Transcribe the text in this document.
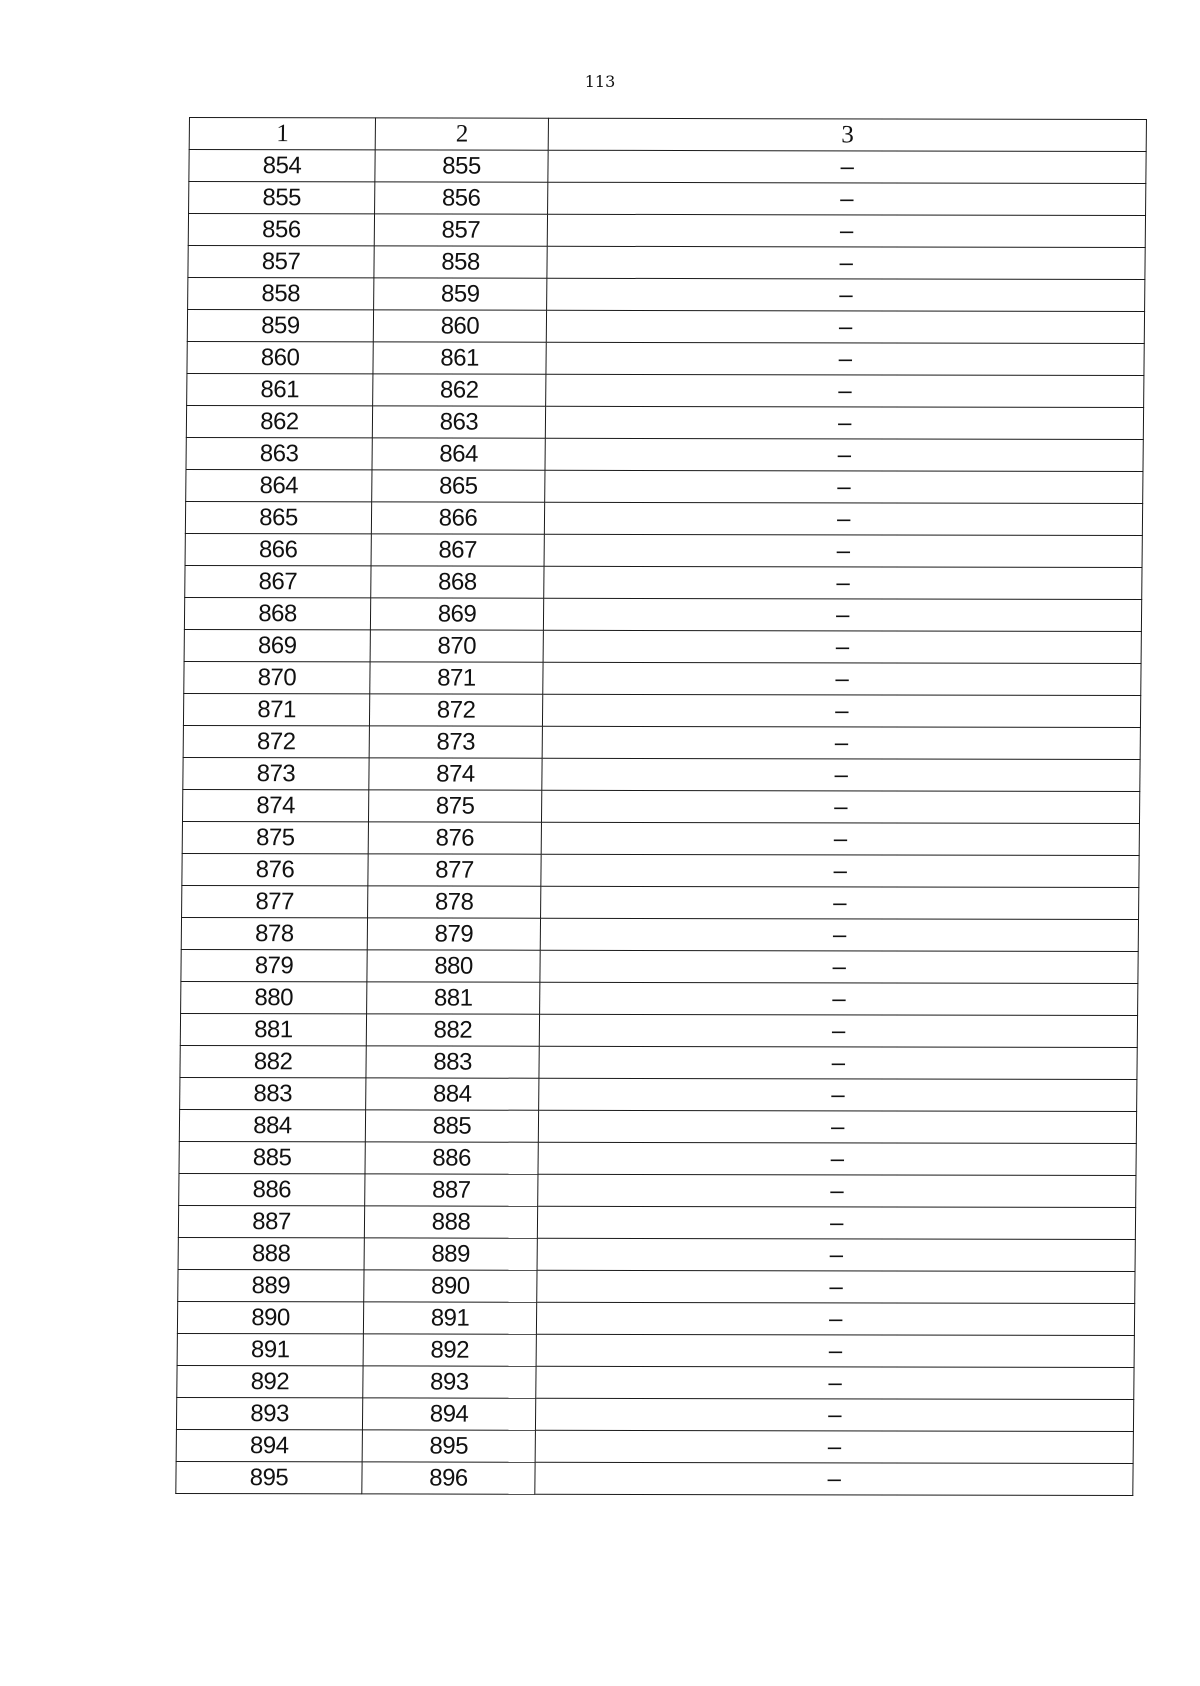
113
1	2	3
854	855	–
855	856	–
856	857	–
857	858	–
858	859	–
859	860	–
860	861	–
861	862	–
862	863	–
863	864	–
864	865	–
865	866	–
866	867	–
867	868	–
868	869	–
869	870	–
870	871	–
871	872	–
872	873	–
873	874	–
874	875	–
875	876	–
876	877	–
877	878	–
878	879	–
879	880	–
880	881	–
881	882	–
882	883	–
883	884	–
884	885	–
885	886	–
886	887	–
887	888	–
888	889	–
889	890	–
890	891	–
891	892	–
892	893	–
893	894	–
894	895	–
895	896	–
